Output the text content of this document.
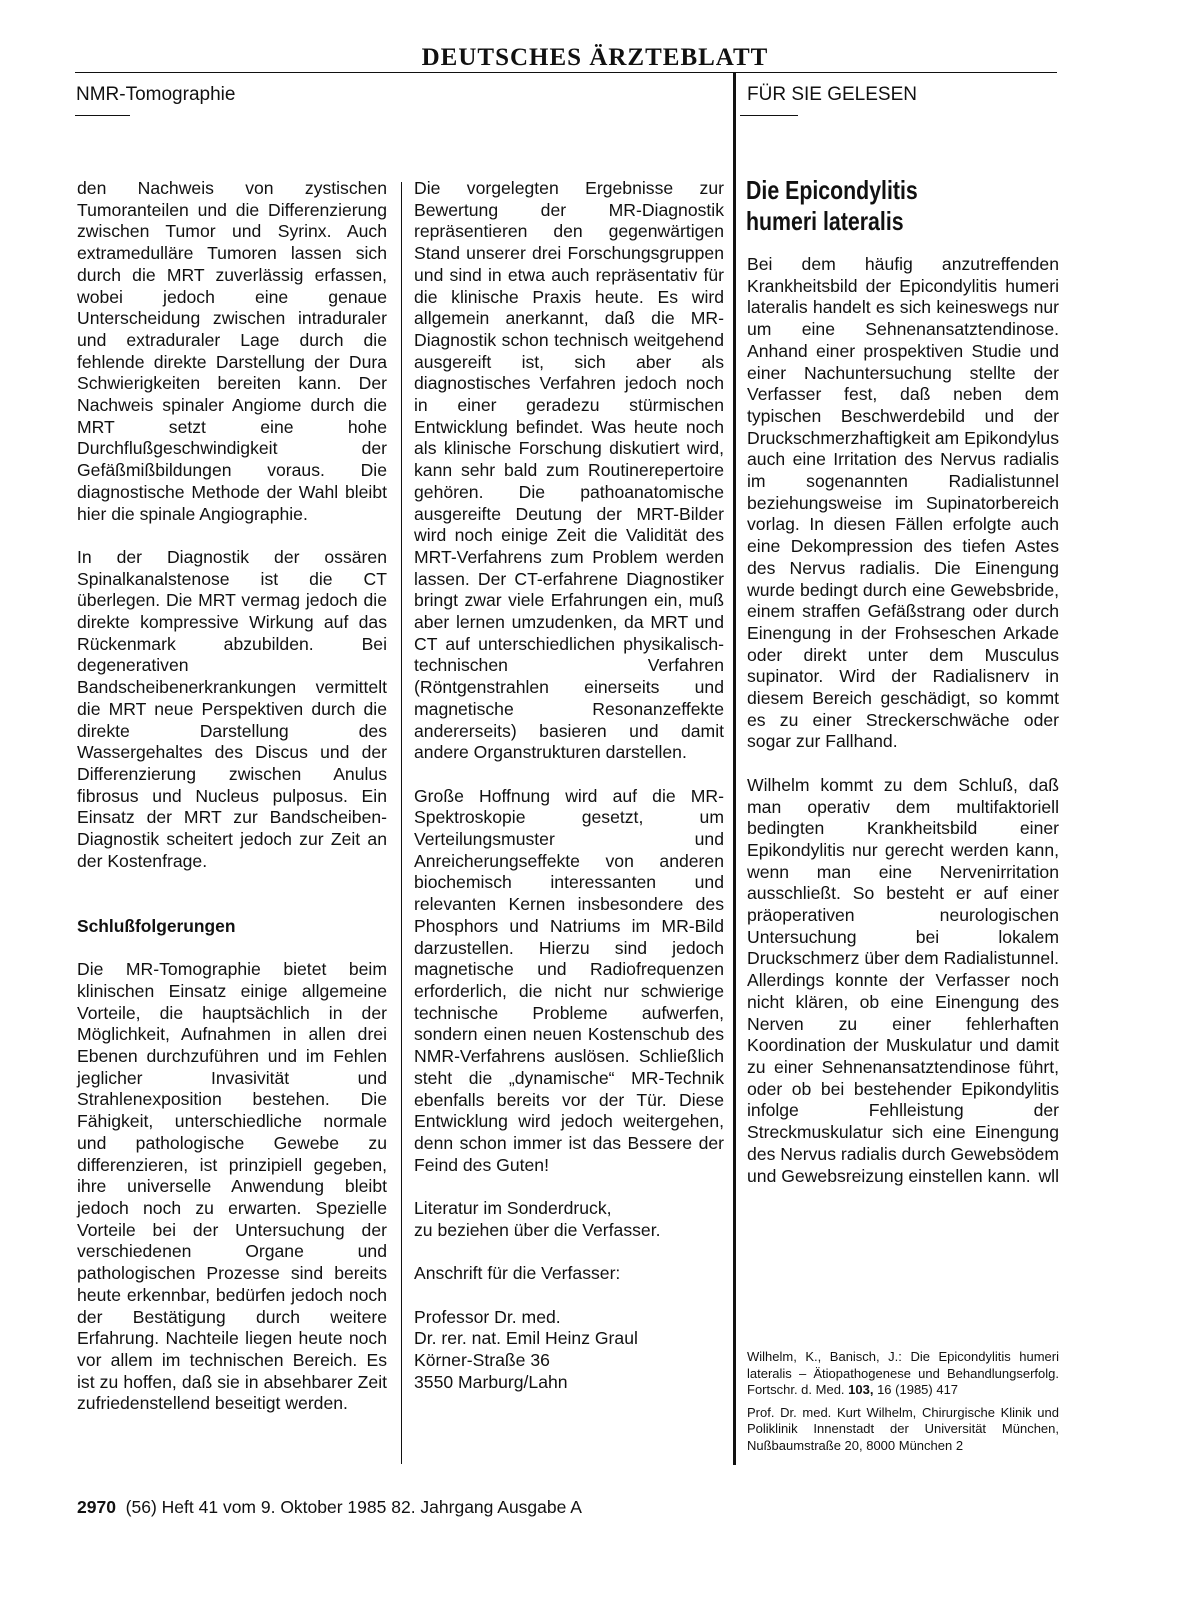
DEUTSCHES ÄRZTEBLATT
NMR-Tomographie	FÜR SIE GELESEN

den Nachweis von zystischen Tumoranteilen und die Differenzierung zwischen Tumor und Syrinx. Auch extramedulläre Tumoren lassen sich durch die MRT zuverlässig erfassen, wobei jedoch eine genaue Unterscheidung zwischen intraduraler und extraduraler Lage durch die fehlende direkte Darstellung der Dura Schwierigkeiten bereiten kann. Der Nachweis spinaler Angiome durch die MRT setzt eine hohe Durchflußgeschwindigkeit der Gefäßmißbildungen voraus. Die diagnostische Methode der Wahl bleibt hier die spinale Angiographie.

In der Diagnostik der ossären Spinalkanalstenose ist die CT überlegen. Die MRT vermag jedoch die direkte kompressive Wirkung auf das Rückenmark abzubilden. Bei degenerativen Bandscheibenerkrankungen vermittelt die MRT neue Perspektiven durch die direkte Darstellung des Wassergehaltes des Discus und der Differenzierung zwischen Anulus fibrosus und Nucleus pulposus. Ein Einsatz der MRT zur Bandscheiben-Diagnostik scheitert jedoch zur Zeit an der Kostenfrage.

Schlußfolgerungen

Die MR-Tomographie bietet beim klinischen Einsatz einige allgemeine Vorteile, die hauptsächlich in der Möglichkeit, Aufnahmen in allen drei Ebenen durchzuführen und im Fehlen jeglicher Invasivität und Strahlenexposition bestehen. Die Fähigkeit, unterschiedliche normale und pathologische Gewebe zu differenzieren, ist prinzipiell gegeben, ihre universelle Anwendung bleibt jedoch noch zu erwarten. Spezielle Vorteile bei der Untersuchung der verschiedenen Organe und pathologischen Prozesse sind bereits heute erkennbar, bedürfen jedoch noch der Bestätigung durch weitere Erfahrung. Nachteile liegen heute noch vor allem im technischen Bereich. Es ist zu hoffen, daß sie in absehbarer Zeit zufriedenstellend beseitigt werden.

Die vorgelegten Ergebnisse zur Bewertung der MR-Diagnostik repräsentieren den gegenwärtigen Stand unserer drei Forschungsgruppen und sind in etwa auch repräsentativ für die klinische Praxis heute. Es wird allgemein anerkannt, daß die MR-Diagnostik schon technisch weitgehend ausgereift ist, sich aber als diagnostisches Verfahren jedoch noch in einer geradezu stürmischen Entwicklung befindet. Was heute noch als klinische Forschung diskutiert wird, kann sehr bald zum Routinerepertoire gehören. Die pathoanatomische ausgereifte Deutung der MRT-Bilder wird noch einige Zeit die Validität des MRT-Verfahrens zum Problem werden lassen. Der CT-erfahrene Diagnostiker bringt zwar viele Erfahrungen ein, muß aber lernen umzudenken, da MRT und CT auf unterschiedlichen physikalisch-technischen Verfahren (Röntgenstrahlen einerseits und magnetische Resonanzeffekte andererseits) basieren und damit andere Organstrukturen darstellen.

Große Hoffnung wird auf die MR-Spektroskopie gesetzt, um Verteilungsmuster und Anreicherungseffekte von anderen biochemisch interessanten und relevanten Kernen insbesondere des Phosphors und Natriums im MR-Bild darzustellen. Hierzu sind jedoch magnetische und Radiofrequenzen erforderlich, die nicht nur schwierige technische Probleme aufwerfen, sondern einen neuen Kostenschub des NMR-Verfahrens auslösen. Schließlich steht die „dynamische“ MR-Technik ebenfalls bereits vor der Tür. Diese Entwicklung wird jedoch weitergehen, denn schon immer ist das Bessere der Feind des Guten!

Literatur im Sonderdruck,
zu beziehen über die Verfasser.

Anschrift für die Verfasser:

Professor Dr. med.
Dr. rer. nat. Emil Heinz Graul
Körner-Straße 36
3550 Marburg/Lahn
Die Epicondylitis
humeri lateralis

Bei dem häufig anzutreffenden Krankheitsbild der Epicondylitis humeri lateralis handelt es sich keineswegs nur um eine Sehnenansatztendinose. Anhand einer prospektiven Studie und einer Nachuntersuchung stellte der Verfasser fest, daß neben dem typischen Beschwerdebild und der Druckschmerzhaftigkeit am Epikondylus auch eine Irritation des Nervus radialis im sogenannten Radialistunnel beziehungsweise im Supinatorbereich vorlag. In diesen Fällen erfolgte auch eine Dekompression des tiefen Astes des Nervus radialis. Die Einengung wurde bedingt durch eine Gewebsbride, einem straffen Gefäßstrang oder durch Einengung in der Frohseschen Arkade oder direkt unter dem Musculus supinator. Wird der Radialisnerv in diesem Bereich geschädigt, so kommt es zu einer Streckerschwäche oder sogar zur Fallhand.

Wilhelm kommt zu dem Schluß, daß man operativ dem multifaktoriell bedingten Krankheitsbild einer Epikondylitis nur gerecht werden kann, wenn man eine Nervenirritation ausschließt. So besteht er auf einer präoperativen neurologischen Untersuchung bei lokalem Druckschmerz über dem Radialistunnel. Allerdings konnte der Verfasser noch nicht klären, ob eine Einengung des Nerven zu einer fehlerhaften Koordination der Muskulatur und damit zu einer Sehnenansatztendinose führt, oder ob bei bestehender Epikondylitis infolge Fehlleistung der Streckmuskulatur sich eine Einengung des Nervus radialis durch Gewebsödem und Gewebsreizung einstellen kann. wll

Wilhelm, K., Banisch, J.: Die Epicondylitis humeri lateralis – Ätiopathogenese und Behandlungserfolg. Fortschr. d. Med. 103, 16 (1985) 417

Prof. Dr. med. Kurt Wilhelm, Chirurgische Klinik und Poliklinik Innenstadt der Universität München, Nußbaumstraße 20, 8000 München 2

2970 (56) Heft 41 vom 9. Oktober 1985 82. Jahrgang Ausgabe A
